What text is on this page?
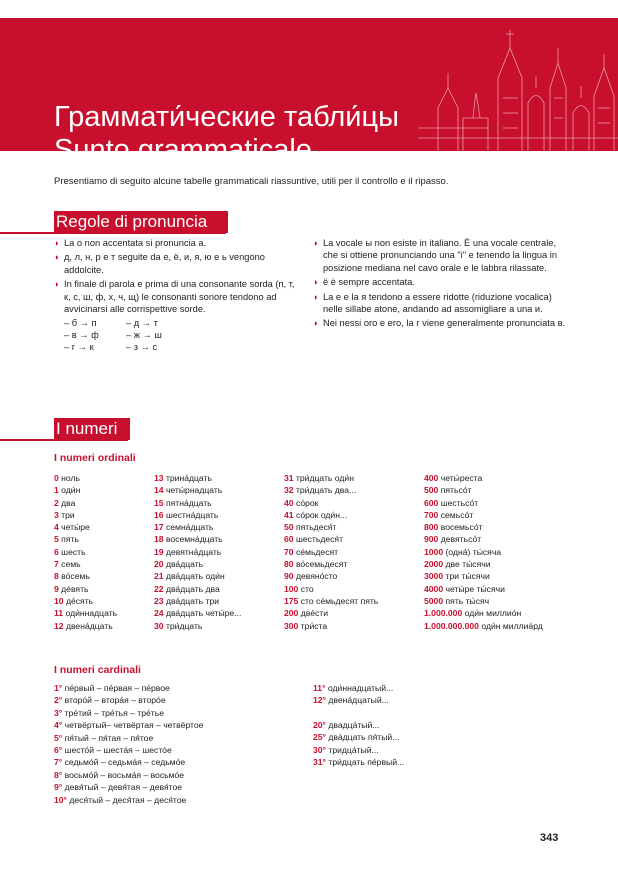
Граммати́ческие табли́цы
Sunto grammaticale
Presentiamo di seguito alcune tabelle grammaticali riassuntive, utili per il controllo e il ripasso.
Regole di pronuncia
◗ La о non accentata si pronuncia а.
◗ д, л, н, р e т seguite da е, ё, и, я, ю e ь vengono addolcite.
◗ In finale di parola e prima di una consonante sorda (п, т, к, с, ш, ф, х, ч, щ) le consonanti sonore tendono ad avvicinarsi alle corrispettive sorde.
– б → п	– д → т
– в → ф	– ж → ш
– г → к	– з → с
◗ La vocale ы non esiste in italiano. È una vocale centrale, che si ottiene pronunciando una "i" e tenendo la lingua in posizione mediana nel cavo orale e le labbra rilassate.
◗ ё è sempre accentata.
◗ La е e la я tendono a essere ridotte (riduzione vocalica) nelle sillabe atone, andando ad assomigliare a una и.
◗ Nei nessi ого e его, la г viene generalmente pronunciata в.
I numeri
I numeri ordinali
0 ноль
1 оди́н
2 два
3 три
4 четы́ре
5 пять
6 шесть
7 семь
8 во́семь
9 де́вять
10 де́сять
11 оди́ннадцать
12 двена́дцать
13 трина́дцать
14 четы́рнадцать
15 пятна́дцать
16 шестна́дцать
17 семна́дцать
18 восемна́дцать
19 девятна́дцать
20 два́дцать
21 два́дцать оди́н
22 два́дцать два
23 два́дцать три
24 два́дцать четы́ре...
30 три́дцать
31 три́дцать оди́н
32 три́дцать два...
40 со́рок
41 со́рок оди́н...
50 пятьдеся́т
60 шестьдеся́т
70 се́мьдесят
80 во́семьдесят
90 девяно́сто
100 сто
175 сто се́мьдесят пять
200 две́сти
300 три́ста
400 четы́реста
500 пятьсо́т
600 шестьсо́т
700 семьсо́т
800 восемьсо́т
900 девятьсо́т
1000 (одна́) ты́сяча
2000 две ты́сячи
3000 три ты́сячи
4000 четы́ре ты́сячи
5000 пять ты́сяч
1.000.000 оди́н миллио́н
1.000.000.000 оди́н миллиа́рд
I numeri cardinali
1° пе́рвый – пе́рвая – пе́рвое
2° второ́й – втора́я – второ́е
3° тре́тий – тре́тья – тре́тье
4° четвёртый– четвёртая – четвёртое
5° пя́тый – пя́тая – пя́тое
6° шесто́й – шеста́я – шесто́е
7° седьмо́й – седьма́я – седьмо́е
8° восьмо́й – восьма́я – восьмо́е
9° девя́тый – девя́тая – девя́тое
10° деся́тый – деся́тая – деся́тое
11° оди́ннадцатый...
12° двена́дцатый...
20° двадца́тый...
25° два́дцать пя́тый...
30° тридца́тый...
31° три́дцать пе́рвый...
343
